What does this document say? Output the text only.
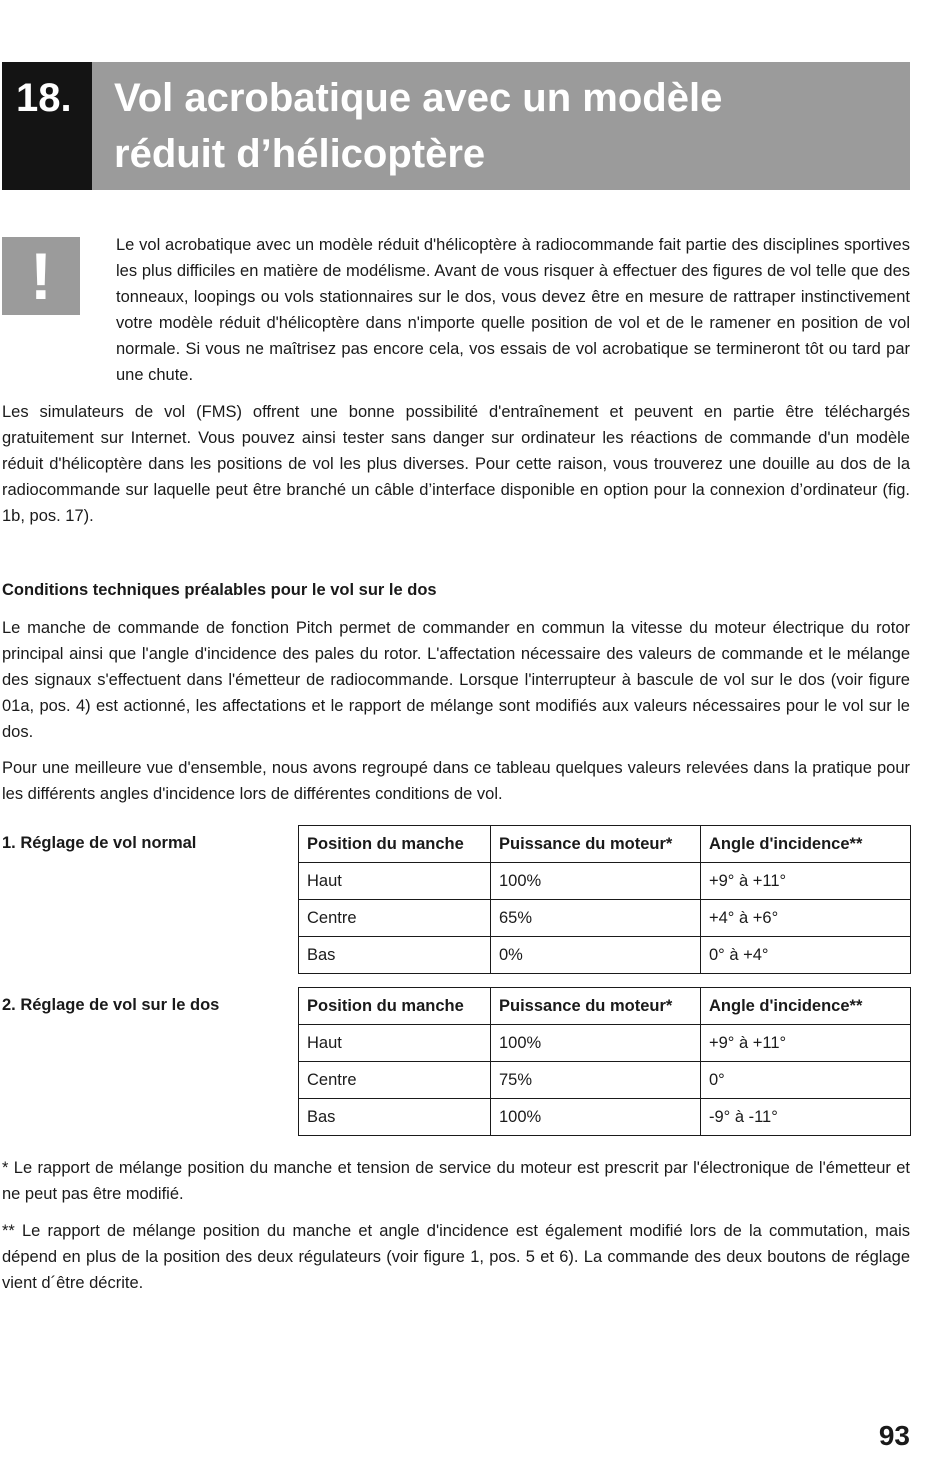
18.	Vol acrobatique avec un modèle
réduit d’hélicoptère
!	Le vol acrobatique avec un modèle réduit d'hélicoptère à radiocommande fait partie des disciplines sportives les plus difficiles en matière de modélisme. Avant de vous risquer à effectuer des figures de vol telle que des tonneaux, loopings ou vols stationnaires sur le dos, vous devez être en mesure de rattraper instinctivement votre modèle réduit d'hélicoptère dans n'importe quelle position de vol et de le ramener en position de vol normale. Si vous ne maîtrisez pas encore cela, vos essais de vol acrobatique se termineront tôt ou tard par une chute.

Les simulateurs de vol (FMS) offrent une bonne possibilité d'entraînement et peuvent en partie être téléchargés gratuitement sur Internet. Vous pouvez ainsi tester sans danger sur ordinateur les réactions de commande d'un modèle réduit d'hélicoptère dans les positions de vol les plus diverses. Pour cette raison, vous trouverez une douille au dos de la radiocommande sur laquelle peut être branché un câble d’interface disponible en option pour la connexion d’ordinateur (fig. 1b, pos. 17).

Conditions techniques préalables pour le vol sur le dos

Le manche de commande de fonction Pitch permet de commander en commun la vitesse du moteur électrique du rotor principal ainsi que l'angle d'incidence des pales du rotor. L'affectation nécessaire des valeurs de commande et le mélange des signaux s'effectuent dans l'émetteur de radiocommande. Lorsque l'interrupteur à bascule de vol sur le dos (voir figure 01a, pos. 4) est actionné, les affectations et le rapport de mélange sont modifiés aux valeurs nécessaires pour le vol sur le dos.

Pour une meilleure vue d'ensemble, nous avons regroupé dans ce tableau quelques valeurs relevées dans la pratique pour les différents angles d'incidence lors de différentes conditions de vol.

1. Réglage de vol normal	Position du manche	Puissance du moteur*	Angle d'incidence**
Haut	100%	+9° à +11°
Centre	65%	+4° à +6°
Bas	0%	0° à +4°
2. Réglage de vol sur le dos	Position du manche	Puissance du moteur*	Angle d'incidence**
Haut	100%	+9° à +11°
Centre	75%	0°
Bas	100%	-9° à -11°

* Le rapport de mélange position du manche et tension de service du moteur est prescrit par l'électronique de l'émetteur et ne peut pas être modifié.

** Le rapport de mélange position du manche et angle d'incidence est également modifié lors de la commutation, mais dépend en plus de la position des deux régulateurs (voir figure 1, pos. 5 et 6). La commande des deux boutons de réglage vient d´être décrite.

93
